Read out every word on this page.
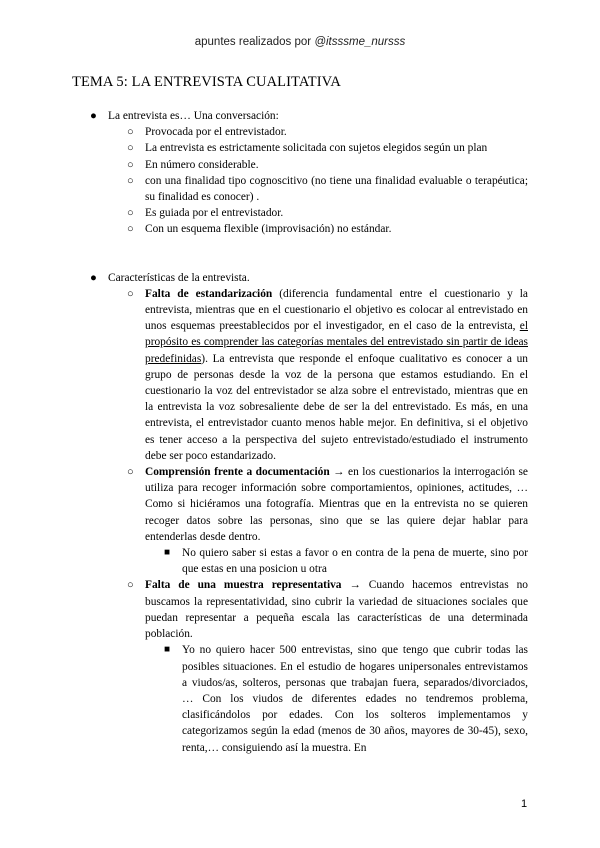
apuntes realizados por @itsssme_nursss
TEMA 5: LA ENTREVISTA CUALITATIVA
● La entrevista es… Una conversación:
○ Provocada por el entrevistador.
○ La entrevista es estrictamente solicitada con sujetos elegidos según un plan
○ En número considerable.
○ con una finalidad tipo cognoscitivo (no tiene una finalidad evaluable o terapéutica; su finalidad es conocer) .
○ Es guiada por el entrevistador.
○ Con un esquema flexible (improvisación) no estándar.
● Características de la entrevista.
○ Falta de estandarización (diferencia fundamental entre el cuestionario y la entrevista, mientras que en el cuestionario el objetivo es colocar al entrevistado en unos esquemas preestablecidos por el investigador, en el caso de la entrevista, el propósito es comprender las categorías mentales del entrevistado sin partir de ideas predefinidas). La entrevista que responde el enfoque cualitativo es conocer a un grupo de personas desde la voz de la persona que estamos estudiando. En el cuestionario la voz del entrevistador se alza sobre el entrevistado, mientras que en la entrevista la voz sobresaliente debe de ser la del entrevistado. Es más, en una entrevista, el entrevistador cuanto menos hable mejor. En definitiva, si el objetivo es tener acceso a la perspectiva del sujeto entrevistado/estudiado el instrumento debe ser poco estandarizado.
○ Comprensión frente a documentación → en los cuestionarios la interrogación se utiliza para recoger información sobre comportamientos, opiniones, actitudes, … Como si hiciéramos una fotografía. Mientras que en la entrevista no se quieren recoger datos sobre las personas, sino que se las quiere dejar hablar para entenderlas desde dentro.
■ No quiero saber si estas a favor o en contra de la pena de muerte, sino por que estas en una posicion u otra
○ Falta de una muestra representativa → Cuando hacemos entrevistas no buscamos la representatividad, sino cubrir la variedad de situaciones sociales que puedan representar a pequeña escala las características de una determinada población.
■ Yo no quiero hacer 500 entrevistas, sino que tengo que cubrir todas las posibles situaciones. En el estudio de hogares unipersonales entrevistamos a viudos/as, solteros, personas que trabajan fuera, separados/divorciados, … Con los viudos de diferentes edades no tendremos problema, clasificándolos por edades. Con los solteros implementamos y categorizamos según la edad (menos de 30 años, mayores de 30-45), sexo, renta,… consiguiendo así la muestra. En
1
